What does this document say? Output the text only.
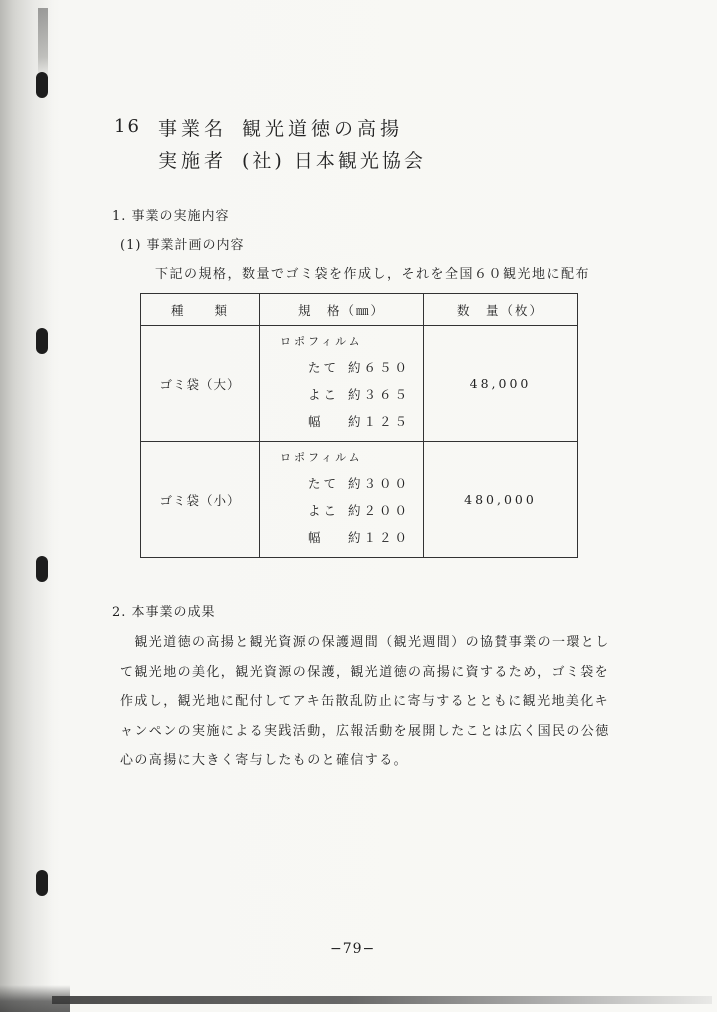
16 事業名 観光道徳の高揚
実施者 (社) 日本観光協会
1. 事業の実施内容
(1) 事業計画の内容
下記の規格，数量でゴミ袋を作成し，それを全国６０観光地に配布
種　　類	規　格（㎜）	数　量（枚）
ゴミ袋（大）	ロポフィルム
たて 約６５０
よこ 約３６５
幅 約１２５	48,000
ゴミ袋（小）	ロポフィルム
たて 約３００
よこ 約２００
幅 約１２０	480,000
2. 本事業の成果
　観光道徳の高揚と観光資源の保護週間（観光週間）の協賛事業の一環とし
て観光地の美化，観光資源の保護，観光道徳の高揚に資するため，ゴミ袋を
作成し，観光地に配付してアキ缶散乱防止に寄与するとともに観光地美化キ
ャンペンの実施による実践活動，広報活動を展開したことは広く国民の公徳
心の高揚に大きく寄与したものと確信する。
−79−
